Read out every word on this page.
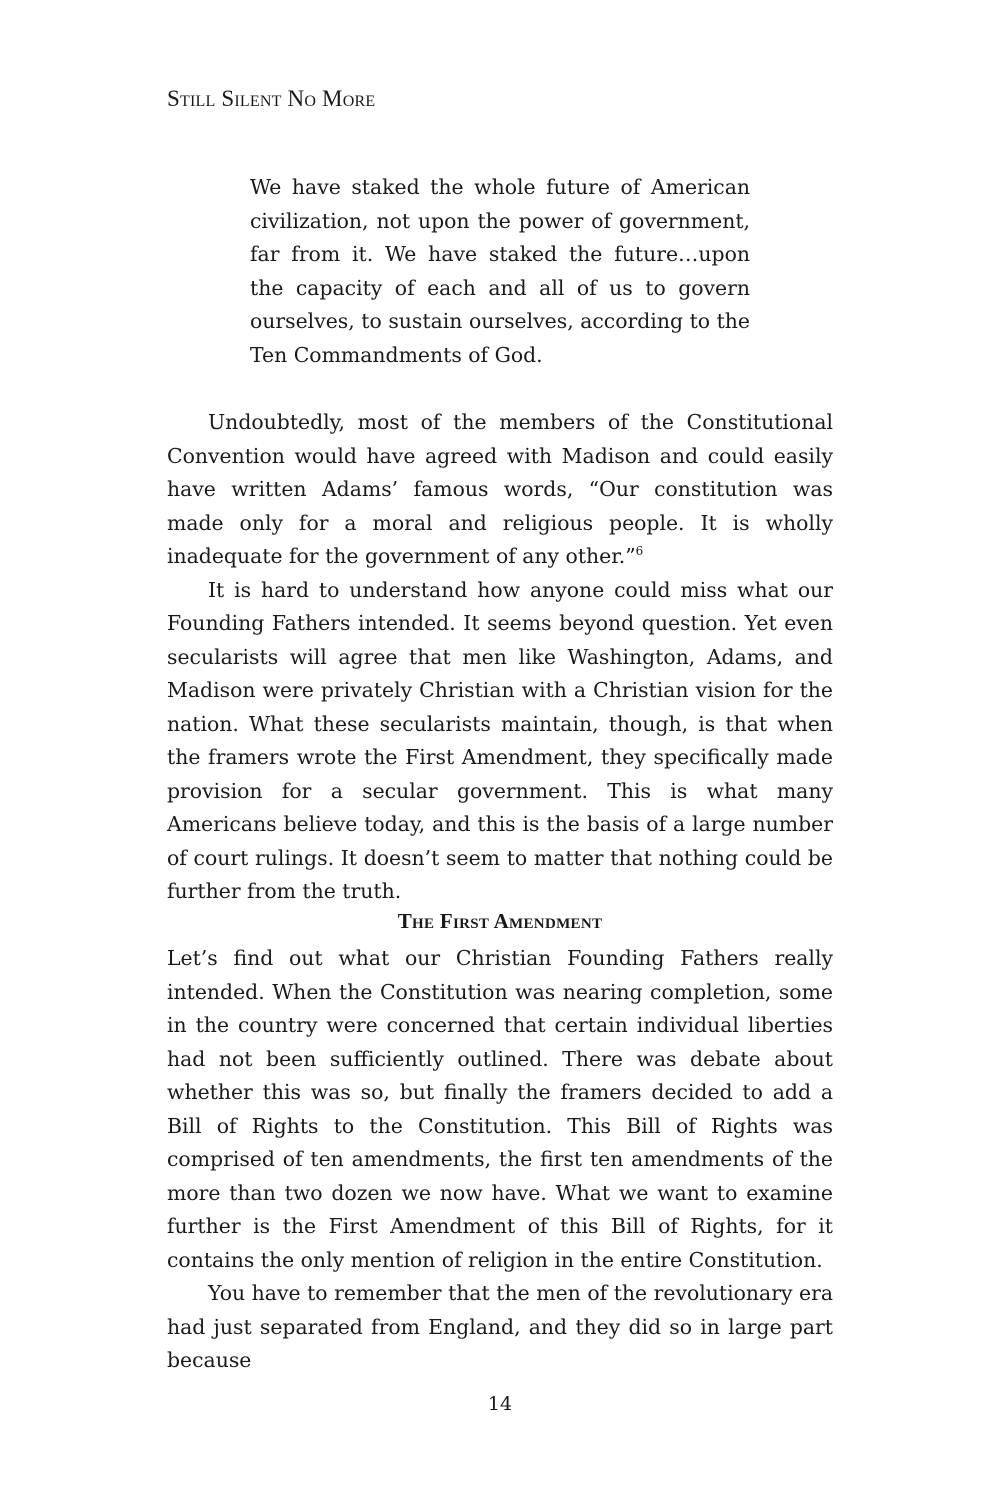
Still Silent No More

We have staked the whole future of American civilization, not upon the power of government, far from it. We have staked the future…upon the capacity of each and all of us to govern ourselves, to sustain ourselves, according to the Ten Commandments of God.

Undoubtedly, most of the members of the Constitutional Convention would have agreed with Madison and could easily have written Adams’ famous words, “Our constitution was made only for a moral and religious people. It is wholly inadequate for the government of any other.”$^6$

It is hard to understand how anyone could miss what our Founding Fathers intended. It seems beyond question. Yet even secularists will agree that men like Washington, Adams, and Madison were privately Christian with a Christian vision for the nation. What these secularists maintain, though, is that when the framers wrote the First Amendment, they specifically made provision for a secular government. This is what many Americans believe today, and this is the basis of a large number of court rulings. It doesn’t seem to matter that nothing could be further from the truth.

The First Amendment

Let’s find out what our Christian Founding Fathers really intended. When the Constitution was nearing completion, some in the country were concerned that certain individual liberties had not been sufficiently outlined. There was debate about whether this was so, but finally the framers decided to add a Bill of Rights to the Constitution. This Bill of Rights was comprised of ten amendments, the first ten amendments of the more than two dozen we now have. What we want to examine further is the First Amendment of this Bill of Rights, for it contains the only mention of religion in the entire Constitution.

You have to remember that the men of the revolutionary era had just separated from England, and they did so in large part because

14
